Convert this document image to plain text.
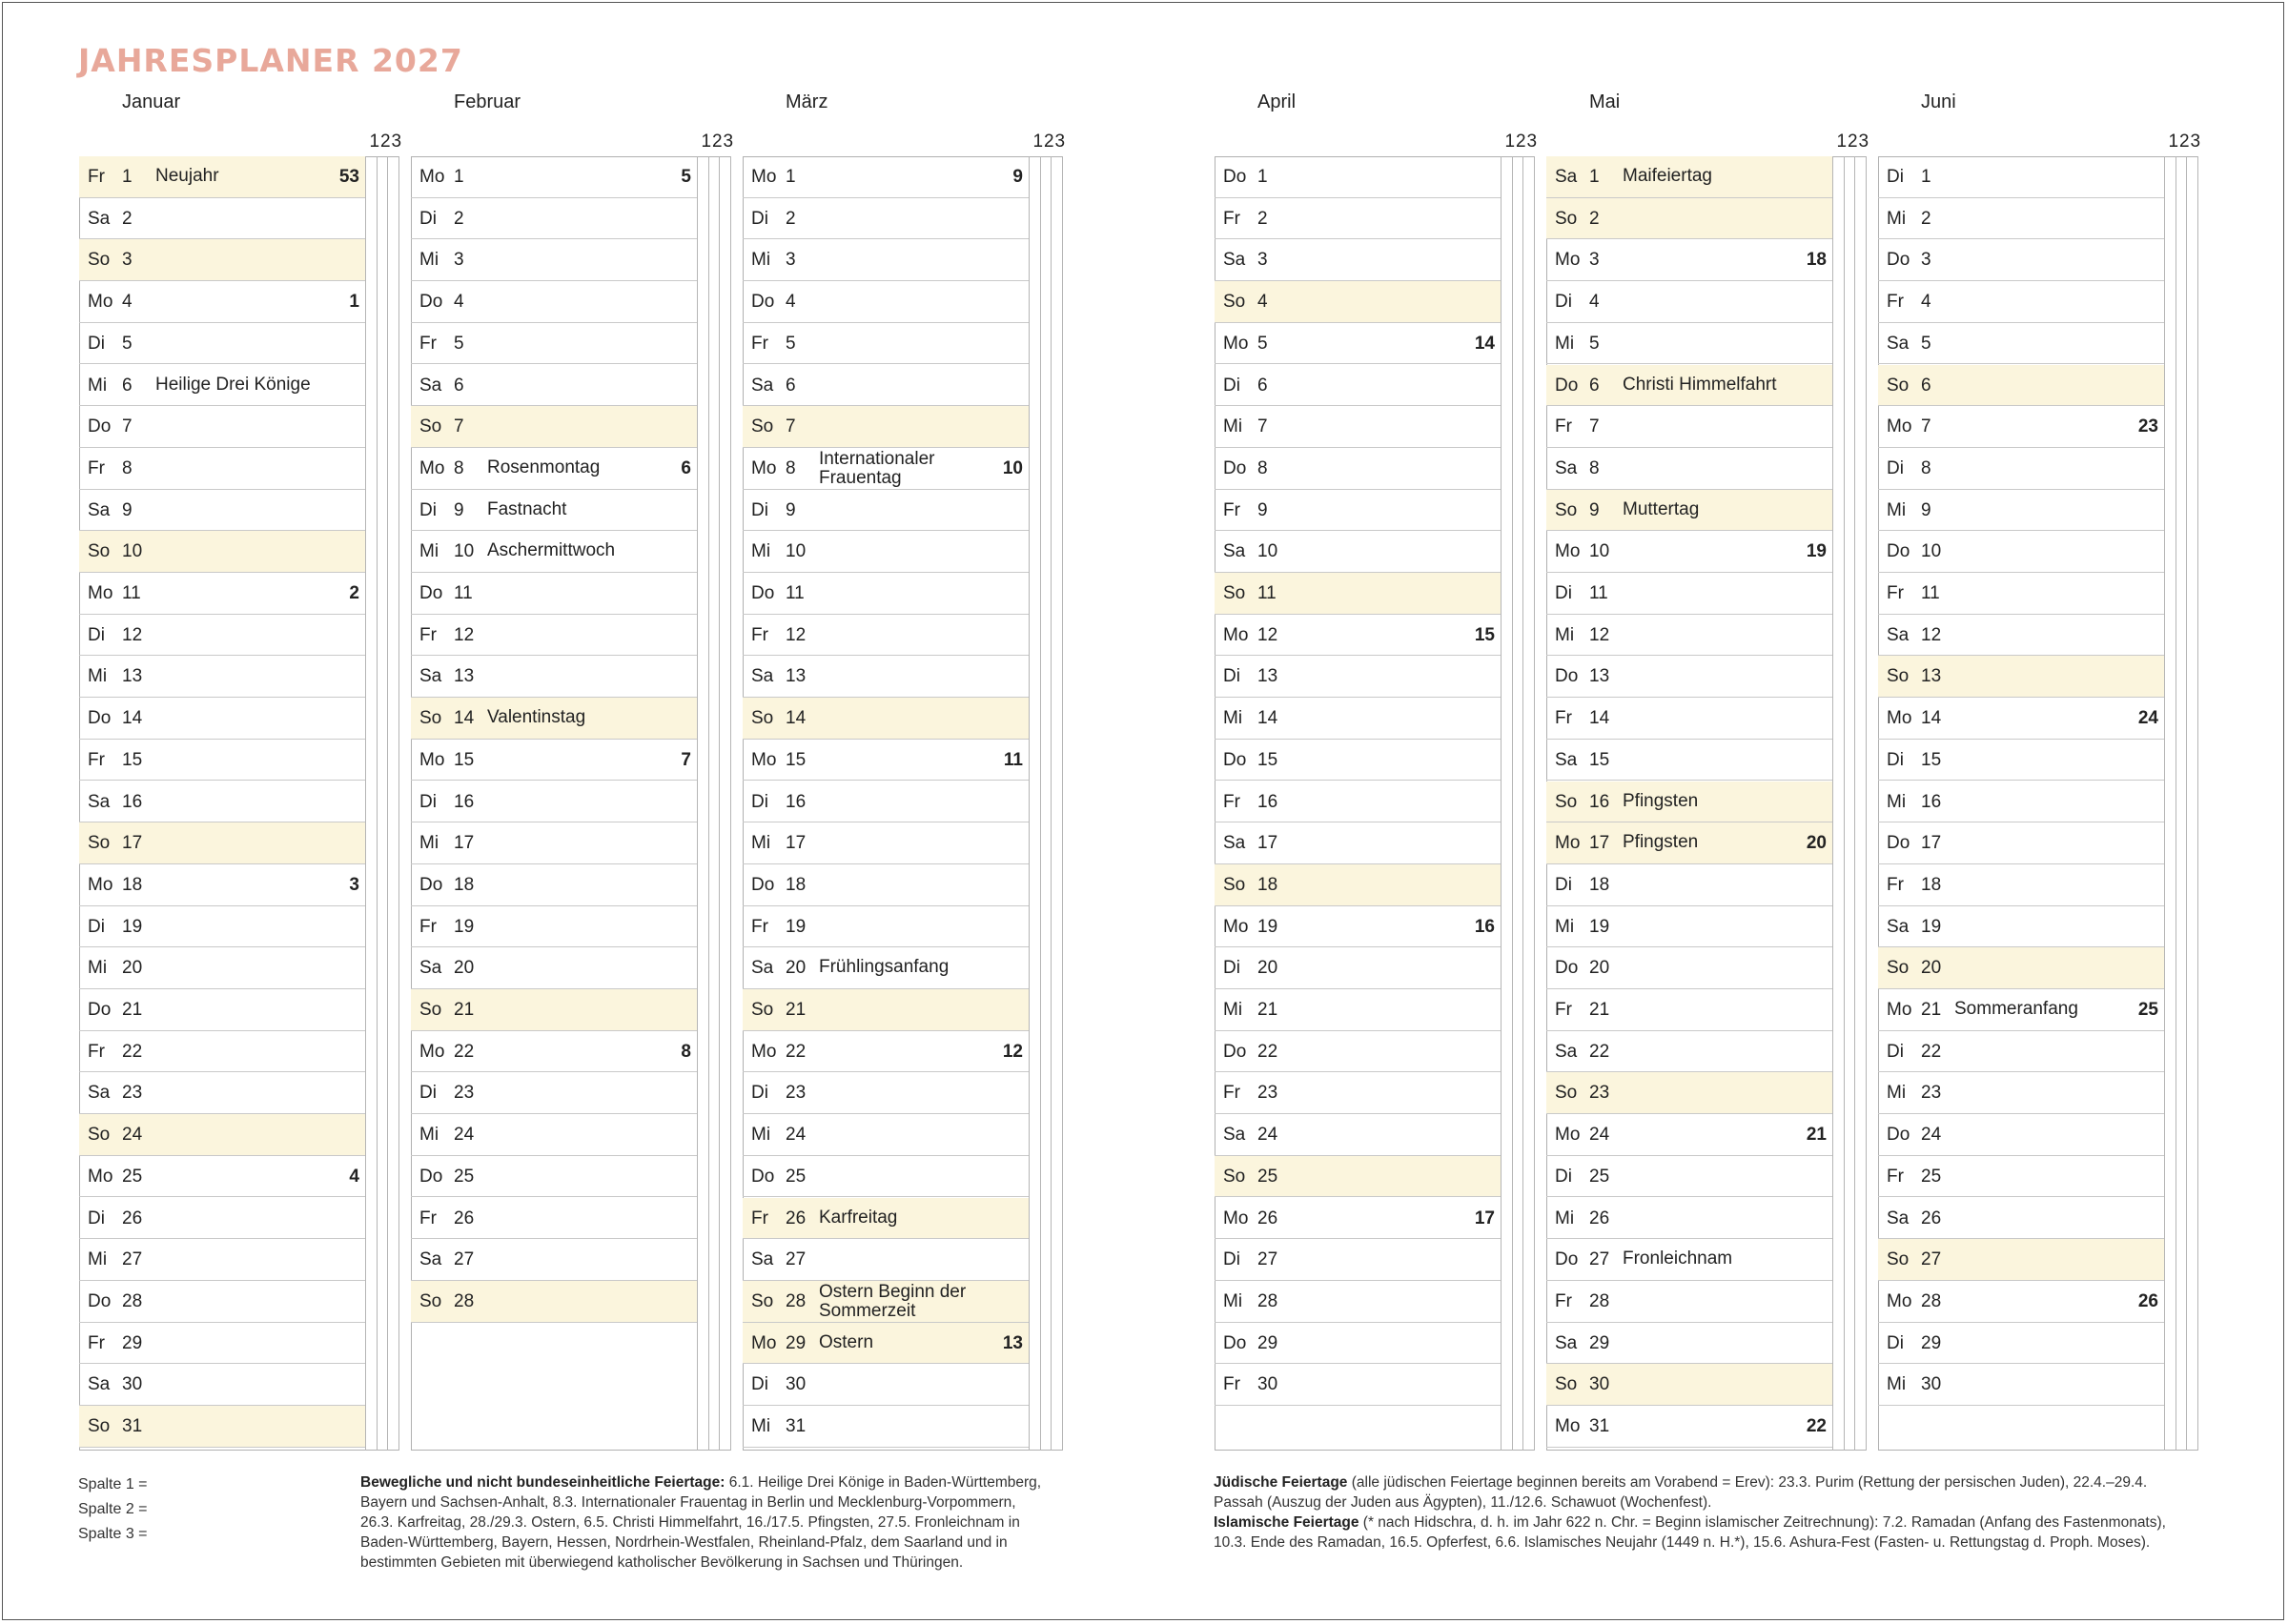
JAHRESPLANER 2027
Januar
123
Fr 1 Neujahr	53
Sa 2
So 3
Mo 4	1
Di 5
Mi 6 Heilige Drei Könige
Do 7
Fr 8
Sa 9
So 10
Mo 11	2
Di 12
Mi 13
Do 14
Fr 15
Sa 16
So 17
Mo 18	3
Di 19
Mi 20
Do 21
Fr 22
Sa 23
So 24
Mo 25	4
Di 26
Mi 27
Do 28
Fr 29
Sa 30
So 31
Februar
123
Mo 1	5
Di 2
Mi 3
Do 4
Fr 5
Sa 6
So 7
Mo 8 Rosenmontag	6
Di 9 Fastnacht
Mi 10 Aschermittwoch
Do 11
Fr 12
Sa 13
So 14 Valentinstag
Mo 15	7
Di 16
Mi 17
Do 18
Fr 19
Sa 20
So 21
Mo 22	8
Di 23
Mi 24
Do 25
Fr 26
Sa 27
So 28
März
123
Mo 1	9
Di 2
Mi 3
Do 4
Fr 5
Sa 6
So 7
Mo 8 Internationaler Frauentag	10
Di 9
Mi 10
Do 11
Fr 12
Sa 13
So 14
Mo 15	11
Di 16
Mi 17
Do 18
Fr 19
Sa 20 Frühlingsanfang
So 21
Mo 22	12
Di 23
Mi 24
Do 25
Fr 26 Karfreitag
Sa 27
So 28 Ostern Beginn der Sommerzeit
Mo 29 Ostern	13
Di 30
Mi 31
April
123
Do 1
Fr 2
Sa 3
So 4
Mo 5	14
Di 6
Mi 7
Do 8
Fr 9
Sa 10
So 11
Mo 12	15
Di 13
Mi 14
Do 15
Fr 16
Sa 17
So 18
Mo 19	16
Di 20
Mi 21
Do 22
Fr 23
Sa 24
So 25
Mo 26	17
Di 27
Mi 28
Do 29
Fr 30
Mai
123
Sa 1 Maifeiertag
So 2
Mo 3	18
Di 4
Mi 5
Do 6 Christi Himmelfahrt
Fr 7
Sa 8
So 9 Muttertag
Mo 10	19
Di 11
Mi 12
Do 13
Fr 14
Sa 15
So 16 Pfingsten
Mo 17 Pfingsten	20
Di 18
Mi 19
Do 20
Fr 21
Sa 22
So 23
Mo 24	21
Di 25
Mi 26
Do 27 Fronleichnam
Fr 28
Sa 29
So 30
Mo 31	22
Juni
123
Di 1
Mi 2
Do 3
Fr 4
Sa 5
So 6
Mo 7	23
Di 8
Mi 9
Do 10
Fr 11
Sa 12
So 13
Mo 14	24
Di 15
Mi 16
Do 17
Fr 18
Sa 19
So 20
Mo 21 Sommeranfang	25
Di 22
Mi 23
Do 24
Fr 25
Sa 26
So 27
Mo 28	26
Di 29
Mi 30
Spalte 1 =
Spalte 2 =
Spalte 3 =
Bewegliche und nicht bundeseinheitliche Feiertage: 6.1. Heilige Drei Könige in Baden-Württemberg, Bayern und Sachsen-Anhalt, 8.3. Internationaler Frauentag in Berlin und Mecklenburg-Vorpommern, 26.3. Karfreitag, 28./29.3. Ostern, 6.5. Christi Himmelfahrt, 16./17.5. Pfingsten, 27.5. Fronleichnam in Baden-Württemberg, Bayern, Hessen, Nordrhein-Westfalen, Rheinland-Pfalz, dem Saarland und in bestimmten Gebieten mit überwiegend katholischer Bevölkerung in Sachsen und Thüringen.
Jüdische Feiertage (alle jüdischen Feiertage beginnen bereits am Vorabend = Erev): 23.3. Purim (Rettung der persischen Juden), 22.4.–29.4. Passah (Auszug der Juden aus Ägypten), 11./12.6. Schawuot (Wochenfest).
Islamische Feiertage (* nach Hidschra, d. h. im Jahr 622 n. Chr. = Beginn islamischer Zeitrechnung): 7.2. Ramadan (Anfang des Fastenmonats), 10.3. Ende des Ramadan, 16.5. Opferfest, 6.6. Islamisches Neujahr (1449 n. H.*), 15.6. Ashura-Fest (Fasten- u. Rettungstag d. Proph. Moses).
